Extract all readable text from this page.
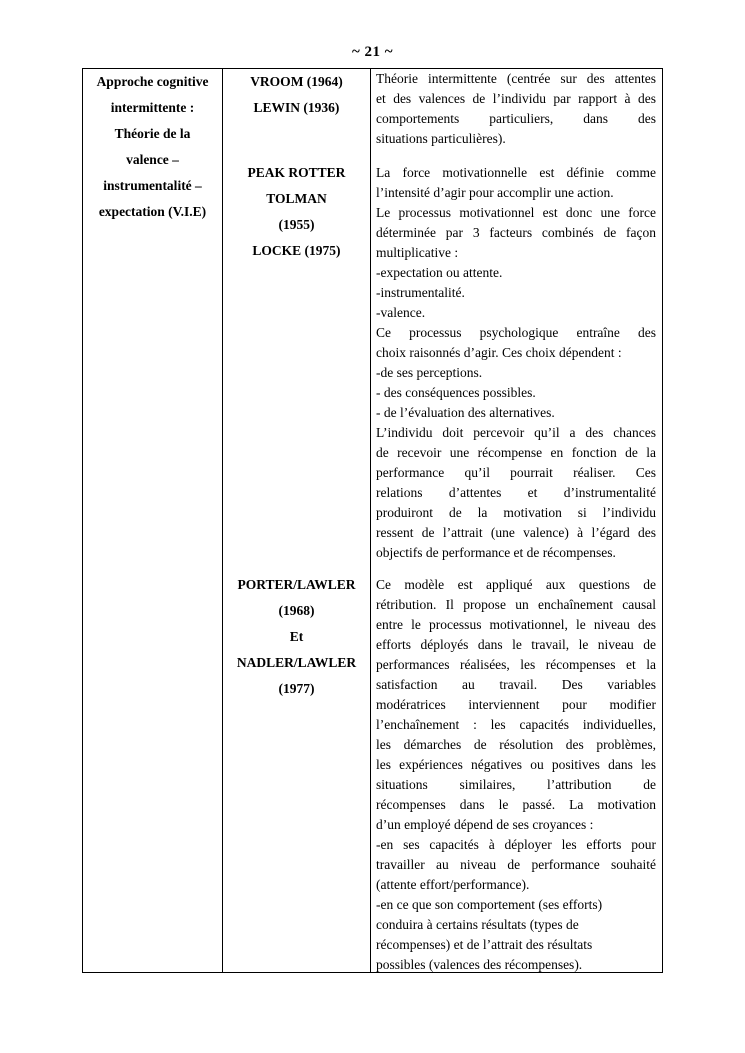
~ 21 ~
Approche cognitive
intermittente :
Théorie de la
valence –
instrumentalité –
expectation (V.I.E)
VROOM (1964)
LEWIN (1936)
Théorie intermittente (centrée sur des attentes
et des valences de l’individu par rapport à des
comportements particuliers, dans des
situations particulières).
PEAK ROTTER
TOLMAN
(1955)
LOCKE (1975)
La force motivationnelle est définie comme
l’intensité d’agir pour accomplir une action.
Le processus motivationnel est donc une force
déterminée par 3 facteurs combinés de façon
multiplicative :
-expectation ou attente.
-instrumentalité.
-valence.
Ce processus psychologique entraîne des
choix raisonnés d’agir. Ces choix dépendent :
-de ses perceptions.
- des conséquences possibles.
- de l’évaluation des alternatives.
L’individu doit percevoir qu’il a des chances
de recevoir une récompense en fonction de la
performance qu’il pourrait réaliser. Ces
relations d’attentes et d’instrumentalité
produiront de la motivation si l’individu
ressent de l’attrait (une valence) à l’égard des
objectifs de performance et de récompenses.
PORTER/LAWLER
(1968)
Et
NADLER/LAWLER
(1977)
Ce modèle est appliqué aux questions de
rétribution. Il propose un enchaînement causal
entre le processus motivationnel, le niveau des
efforts déployés dans le travail, le niveau de
performances réalisées, les récompenses et la
satisfaction au travail. Des variables
modératrices interviennent pour modifier
l’enchaînement : les capacités individuelles,
les démarches de résolution des problèmes,
les expériences négatives ou positives dans les
situations similaires, l’attribution de
récompenses dans le passé. La motivation
d’un employé dépend de ses croyances :
-en ses capacités à déployer les efforts pour
travailler au niveau de performance souhaité
(attente effort/performance).
-en ce que son comportement (ses efforts)
conduira à certains résultats (types de
récompenses) et de l’attrait des résultats
possibles (valences des récompenses).
